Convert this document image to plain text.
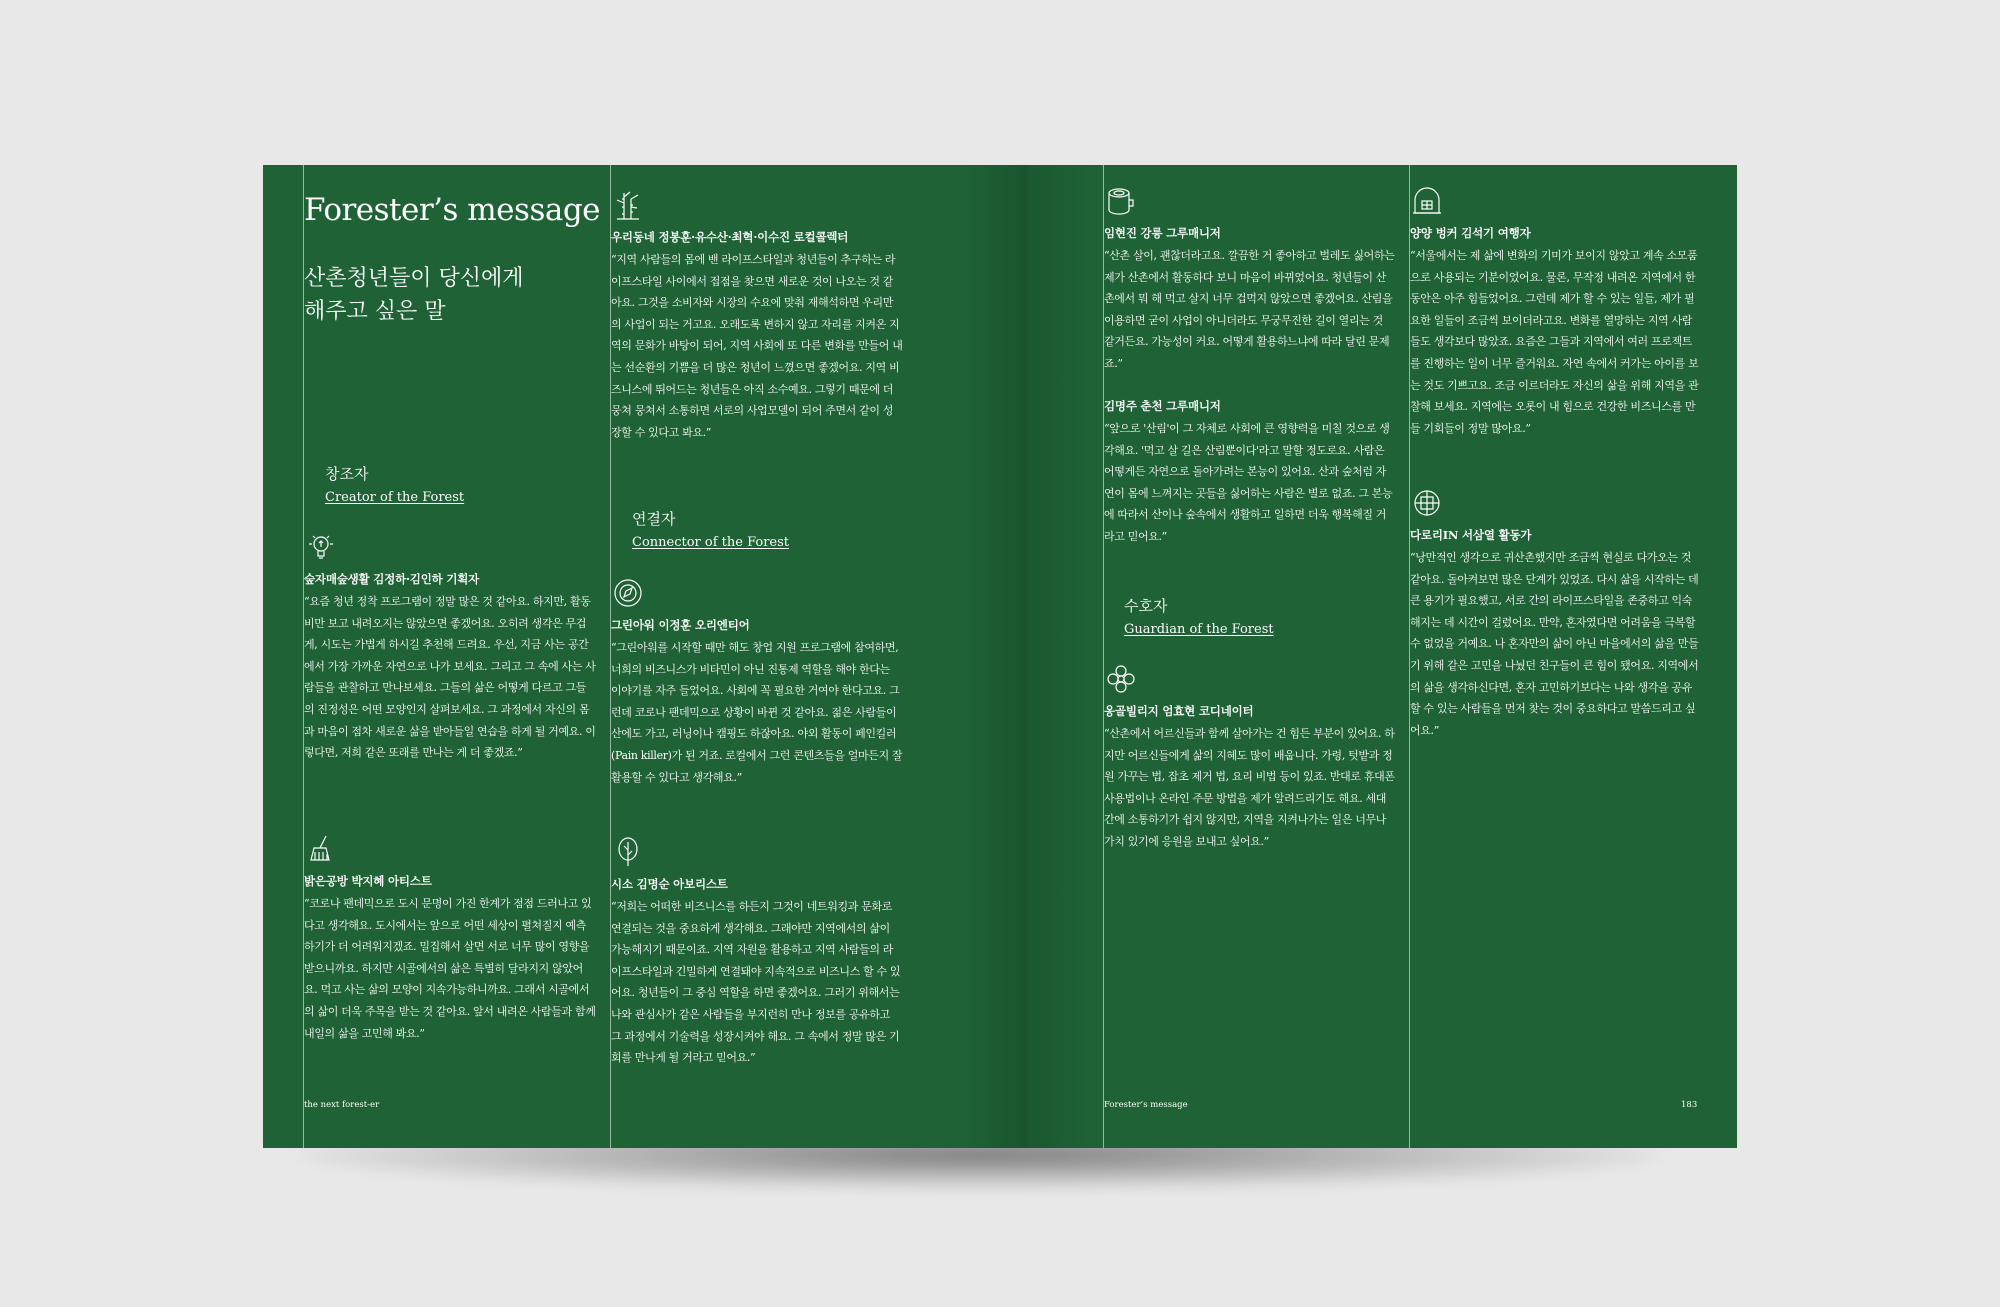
Forester’s message
산촌청년들이 당신에게
해주고 싶은 말
창조자
Creator of the Forest
숲자매숲생활 김정하·김인하 기획자
“요즘 청년 정착 프로그램이 정말 많은 것 같아요. 하지만, 활동비만 보고 내려오지는 않았으면 좋겠어요. 오히려 생각은 무겁게, 시도는 가볍게 하시길 추천해 드려요. 우선, 지금 사는 공간에서 가장 가까운 자연으로 나가 보세요. 그리고 그 속에 사는 사람들을 관찰하고 만나보세요. 그들의 삶은 어떻게 다르고 그들의 진정성은 어떤 모양인지 살펴보세요. 그 과정에서 자신의 몸과 마음이 점차 새로운 삶을 받아들일 연습을 하게 될 거예요. 이렇다면, 저희 같은 또래를 만나는 게 더 좋겠죠.”
밝은공방 박지혜 아티스트
“코로나 팬데믹으로 도시 문명이 가진 한계가 점점 드러나고 있다고 생각해요. 도시에서는 앞으로 어떤 세상이 펼쳐질지 예측하기가 더 어려워지겠죠. 밀집해서 살면 서로 너무 많이 영향을 받으니까요. 하지만 시골에서의 삶은 특별히 달라지지 않았어요. 먹고 사는 삶의 모양이 지속가능하니까요. 그래서 시골에서의 삶이 더욱 주목을 받는 것 같아요. 앞서 내려온 사람들과 함께 내일의 삶을 고민해 봐요.”
우리동네 정봉훈·유수산·최혁·이수진 로컬콜렉터
“지역 사람들의 몸에 밴 라이프스타일과 청년들이 추구하는 라이프스타일 사이에서 접점을 찾으면 새로운 것이 나오는 것 같아요. 그것을 소비자와 시장의 수요에 맞춰 재해석하면 우리만의 사업이 되는 거고요. 오래도록 변하지 않고 자리를 지켜온 지역의 문화가 바탕이 되어, 지역 사회에 또 다른 변화를 만들어 내는 선순환의 기쁨을 더 많은 청년이 느꼈으면 좋겠어요. 지역 비즈니스에 뛰어드는 청년들은 아직 소수예요. 그렇기 때문에 더 뭉쳐 뭉쳐서 소통하면 서로의 사업모델이 되어 주면서 같이 성장할 수 있다고 봐요.”
연결자
Connector of the Forest
그린아워 이정훈 오리엔티어
“그린아워를 시작할 때만 해도 창업 지원 프로그램에 참여하면, 너희의 비즈니스가 비타민이 아닌 진통제 역할을 해야 한다는 이야기를 자주 들었어요. 사회에 꼭 필요한 거여야 한다고요. 그런데 코로나 팬데믹으로 상황이 바뀐 것 같아요. 젊은 사람들이 산에도 가고, 러닝이나 캠핑도 하잖아요. 야외 활동이 페인킬러(Pain killer)가 된 거죠. 로컬에서 그런 콘텐츠들을 얼마든지 잘 활용할 수 있다고 생각해요.”
시소 김명순 아보리스트
“저희는 어떠한 비즈니스를 하든지 그것이 네트워킹과 문화로 연결되는 것을 중요하게 생각해요. 그래야만 지역에서의 삶이 가능해지기 때문이죠. 지역 자원을 활용하고 지역 사람들의 라이프스타일과 긴밀하게 연결돼야 지속적으로 비즈니스 할 수 있어요. 청년들이 그 중심 역할을 하면 좋겠어요. 그러기 위해서는 나와 관심사가 같은 사람들을 부지런히 만나 정보를 공유하고 그 과정에서 기술력을 성장시켜야 해요. 그 속에서 정말 많은 기회를 만나게 될 거라고 믿어요.”
the next forest-er
임현진 강릉 그루매니저
“산촌 살이, 괜찮더라고요. 깔끔한 거 좋아하고 벌레도 싫어하는 제가 산촌에서 활동하다 보니 마음이 바뀌었어요. 청년들이 산촌에서 뭐 해 먹고 살지 너무 겁먹지 않았으면 좋겠어요. 산림을 이용하면 굳이 사업이 아니더라도 무궁무진한 길이 열리는 것 같거든요. 가능성이 커요. 어떻게 활용하느냐에 따라 달린 문제죠.”
김명주 춘천 그루매니저
“앞으로 '산림'이 그 자체로 사회에 큰 영향력을 미칠 것으로 생각해요. '먹고 살 길은 산림뿐이다'라고 말할 정도로요. 사람은 어떻게든 자연으로 돌아가려는 본능이 있어요. 산과 숲처럼 자연이 몸에 느껴지는 곳들을 싫어하는 사람은 별로 없죠. 그 본능에 따라서 산이나 숲속에서 생활하고 일하면 더욱 행복해질 거라고 믿어요.”
수호자
Guardian of the Forest
옹골빌리지 엄효현 코디네이터
“산촌에서 어르신들과 함께 살아가는 건 힘든 부분이 있어요. 하지만 어르신들에게 삶의 지혜도 많이 배웁니다. 가령, 텃밭과 정원 가꾸는 법, 잡초 제거 법, 요리 비법 등이 있죠. 반대로 휴대폰 사용법이나 온라인 주문 방법을 제가 알려드리기도 해요. 세대 간에 소통하기가 쉽지 않지만, 지역을 지켜나가는 일은 너무나 가치 있기에 응원을 보내고 싶어요.”
양양 벙커 김석기 여행자
“서울에서는 제 삶에 변화의 기미가 보이지 않았고 계속 소모품으로 사용되는 기분이었어요. 물론, 무작정 내려온 지역에서 한동안은 아주 힘들었어요. 그런데 제가 할 수 있는 일들, 제가 필요한 일들이 조금씩 보이더라고요. 변화를 열망하는 지역 사람들도 생각보다 많았죠. 요즘은 그들과 지역에서 여러 프로젝트를 진행하는 일이 너무 즐거워요. 자연 속에서 커가는 아이를 보는 것도 기쁘고요. 조금 이르더라도 자신의 삶을 위해 지역을 관찰해 보세요. 지역에는 오롯이 내 힘으로 건강한 비즈니스를 만들 기회들이 정말 많아요.”
다로리IN 서삼열 활동가
“낭만적인 생각으로 귀산촌했지만 조금씩 현실로 다가오는 것 같아요. 돌아켜보면 많은 단계가 있었죠. 다시 삶을 시작하는 데 큰 용기가 필요했고, 서로 간의 라이프스타일을 존중하고 익숙해지는 데 시간이 걸렸어요. 만약, 혼자였다면 어려움을 극복할 수 없었을 거예요. 나 혼자만의 삶이 아닌 마을에서의 삶을 만들기 위해 같은 고민을 나눴던 친구들이 큰 힘이 됐어요. 지역에서의 삶을 생각하신다면, 혼자 고민하기보다는 나와 생각을 공유할 수 있는 사람들을 먼저 찾는 것이 중요하다고 말씀드리고 싶어요.”
Forester’s message	183
